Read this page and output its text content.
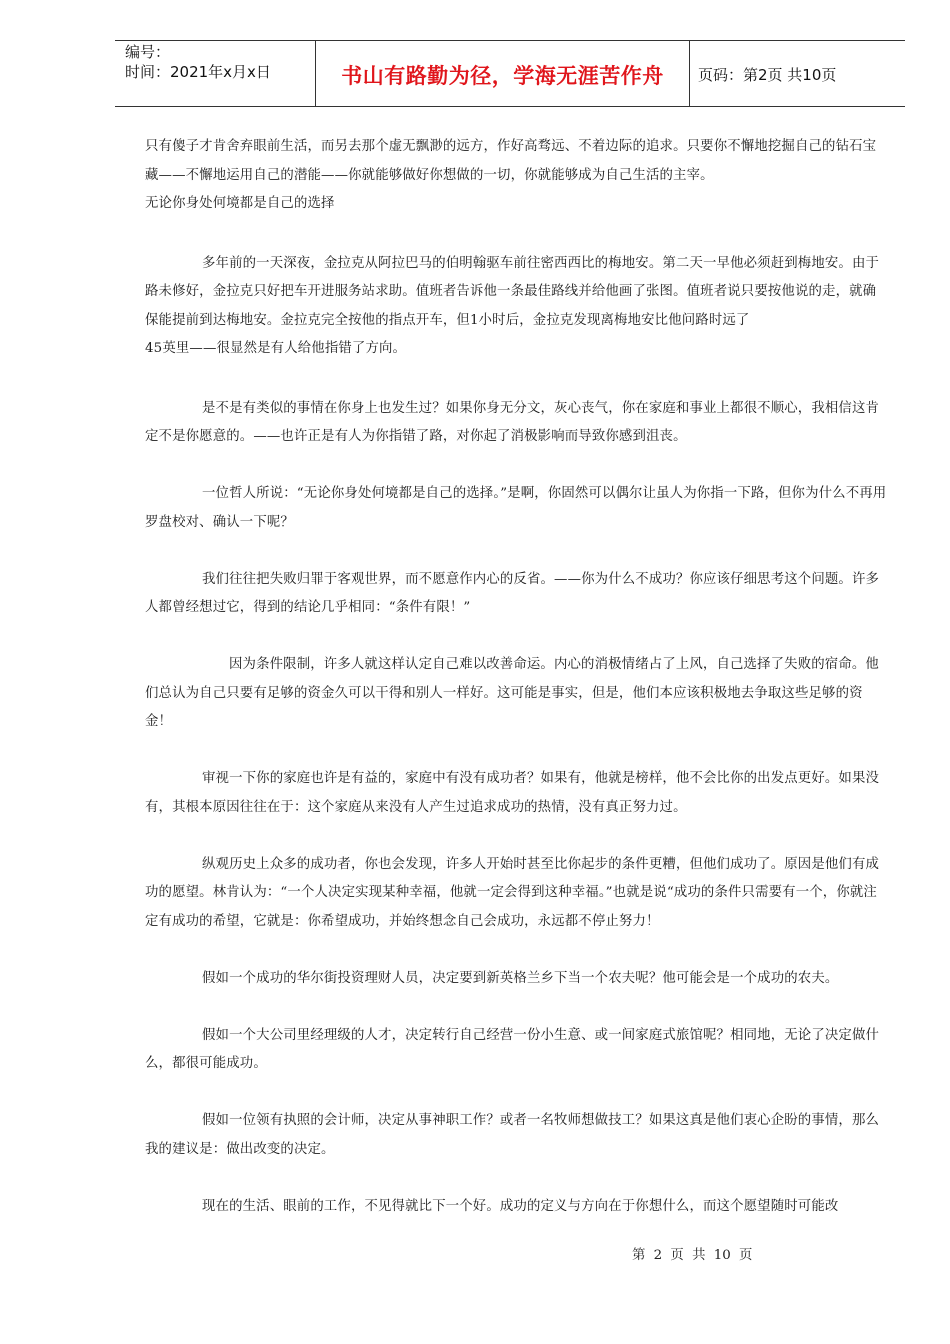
编号：
时间：2021年x月x日	书山有路勤为径，学海无涯苦作舟 页码：第2页 共10页

只有傻子才肯舍弃眼前生活，而另去那个虚无飘渺的远方，作好高骛远、不着边际的追求。只要你不懈地挖掘自己的钻石宝藏——不懈地运用自己的潜能——你就能够做好你想做的一切，你就能够成为自己生活的主宰。

无论你身处何境都是自己的选择

多年前的一天深夜，金拉克从阿拉巴马的伯明翰驱车前往密西西比的梅地安。第二天一早他必须赶到梅地安。由于路未修好，金拉克只好把车开进服务站求助。值班者告诉他一条最佳路线并给他画了张图。值班者说只要按他说的走，就确保能提前到达梅地安。金拉克完全按他的指点开车，但1小时后，金拉克发现离梅地安比他问路时远了

45英里——很显然是有人给他指错了方向。

是不是有类似的事情在你身上也发生过？如果你身无分文，灰心丧气，你在家庭和事业上都很不顺心，我相信这肯定不是你愿意的。——也许正是有人为你指错了路，对你起了消极影响而导致你感到沮丧。

一位哲人所说：“无论你身处何境都是自己的选择。”是啊，你固然可以偶尔让虽人为你指一下路，但你为什么不再用罗盘校对、确认一下呢？

我们往往把失败归罪于客观世界，而不愿意作内心的反省。——你为什么不成功？你应该仔细思考这个问题。许多人都曾经想过它，得到的结论几乎相同：“条件有限！”

因为条件限制，许多人就这样认定自己难以改善命运。内心的消极情绪占了上风，自己选择了失败的宿命。他们总认为自己只要有足够的资金久可以干得和别人一样好。这可能是事实，但是，他们本应该积极地去争取这些足够的资金！

审视一下你的家庭也许是有益的，家庭中有没有成功者？如果有，他就是榜样，他不会比你的出发点更好。如果没有，其根本原因往往在于：这个家庭从来没有人产生过追求成功的热情，没有真正努力过。

纵观历史上众多的成功者，你也会发现，许多人开始时甚至比你起步的条件更糟，但他们成功了。原因是他们有成功的愿望。林肯认为：“一个人决定实现某种幸福，他就一定会得到这种幸福。”也就是说“成功的条件只需要有一个，你就注定有成功的希望，它就是：你希望成功，并始终想念自己会成功，永远都不停止努力！

假如一个成功的华尔街投资理财人员，决定要到新英格兰乡下当一个农夫呢？他可能会是一个成功的农夫。

假如一个大公司里经理级的人才，决定转行自己经营一份小生意、或一间家庭式旅馆呢？相同地，无论了决定做什么，都很可能成功。

假如一位领有执照的会计师，决定从事神职工作？或者一名牧师想做技工？如果这真是他们衷心企盼的事情，那么我的建议是：做出改变的决定。

现在的生活、眼前的工作，不见得就比下一个好。成功的定义与方向在于你想什么，而这个愿望随时可能改

第 2 页 共 10 页
